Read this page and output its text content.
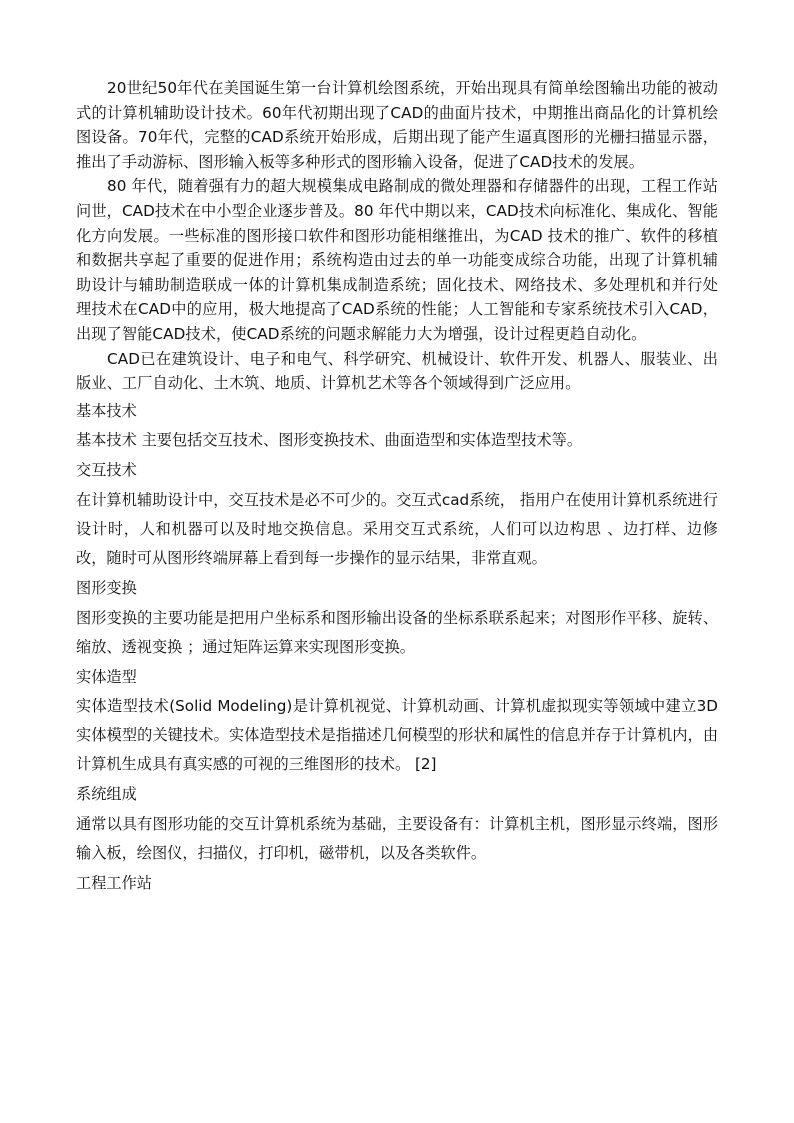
20世纪50年代在美国诞生第一台计算机绘图系统，开始出现具有简单绘图输出功能的被动式的计算机辅助设计技术。60年代初期出现了CAD的曲面片技术，中期推出商品化的计算机绘图设备。70年代，完整的CAD系统开始形成，后期出现了能产生逼真图形的光栅扫描显示器，推出了手动游标、图形输入板等多种形式的图形输入设备，促进了CAD技术的发展。

80 年代，随着强有力的超大规模集成电路制成的微处理器和存储器件的出现，工程工作站问世，CAD技术在中小型企业逐步普及。80 年代中期以来，CAD技术向标准化、集成化、智能化方向发展。一些标准的图形接口软件和图形功能相继推出，为CAD 技术的推广、软件的移植和数据共享起了重要的促进作用；系统构造由过去的单一功能变成综合功能，出现了计算机辅助设计与辅助制造联成一体的计算机集成制造系统；固化技术、网络技术、多处理机和并行处理技术在CAD中的应用，极大地提高了CAD系统的性能；人工智能和专家系统技术引入CAD，出现了智能CAD技术，使CAD系统的问题求解能力大为增强，设计过程更趋自动化。

CAD已在建筑设计、电子和电气、科学研究、机械设计、软件开发、机器人、服装业、出版业、工厂自动化、土木筑、地质、计算机艺术等各个领域得到广泛应用。

基本技术

基本技术 主要包括交互技术、图形变换技术、曲面造型和实体造型技术等。

交互技术

在计算机辅助设计中，交互技术是必不可少的。交互式cad系统， 指用户在使用计算机系统进行设计时，人和机器可以及时地交换信息。采用交互式系统，人们可以边构思 、边打样、边修改，随时可从图形终端屏幕上看到每一步操作的显示结果，非常直观。

图形变换

图形变换的主要功能是把用户坐标系和图形输出设备的坐标系联系起来；对图形作平移、旋转、缩放、透视变换 ；通过矩阵运算来实现图形变换。

实体造型

实体造型技术(Solid Modeling)是计算机视觉、计算机动画、计算机虚拟现实等领域中建立3D实体模型的关键技术。实体造型技术是指描述几何模型的形状和属性的信息并存于计算机内，由计算机生成具有真实感的可视的三维图形的技术。 [2]

系统组成

通常以具有图形功能的交互计算机系统为基础，主要设备有：计算机主机，图形显示终端，图形输入板，绘图仪，扫描仪，打印机，磁带机，以及各类软件。

工程工作站
